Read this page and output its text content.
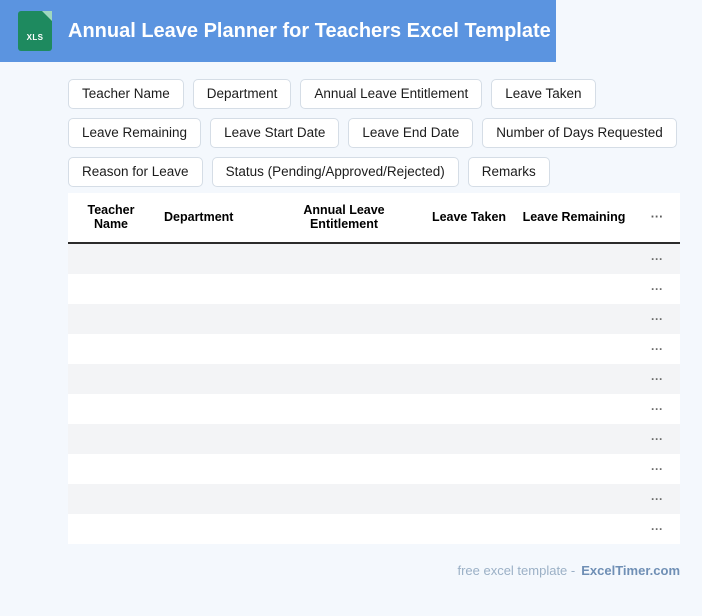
XLS	Annual Leave Planner for Teachers Excel Template
Teacher Name	Department	Annual Leave Entitlement	Leave Taken
Leave Remaining	Leave Start Date	Leave End Date	Number of Days Requested
Reason for Leave	Status (Pending/Approved/Rejected)	Remarks
Teacher Name	Department	Annual Leave Entitlement	Leave Taken	Leave Remaining	···
					···
					···
					···
					···
					···
					···
					···
					···
					···
					···
free excel template - ExcelTimer.com
